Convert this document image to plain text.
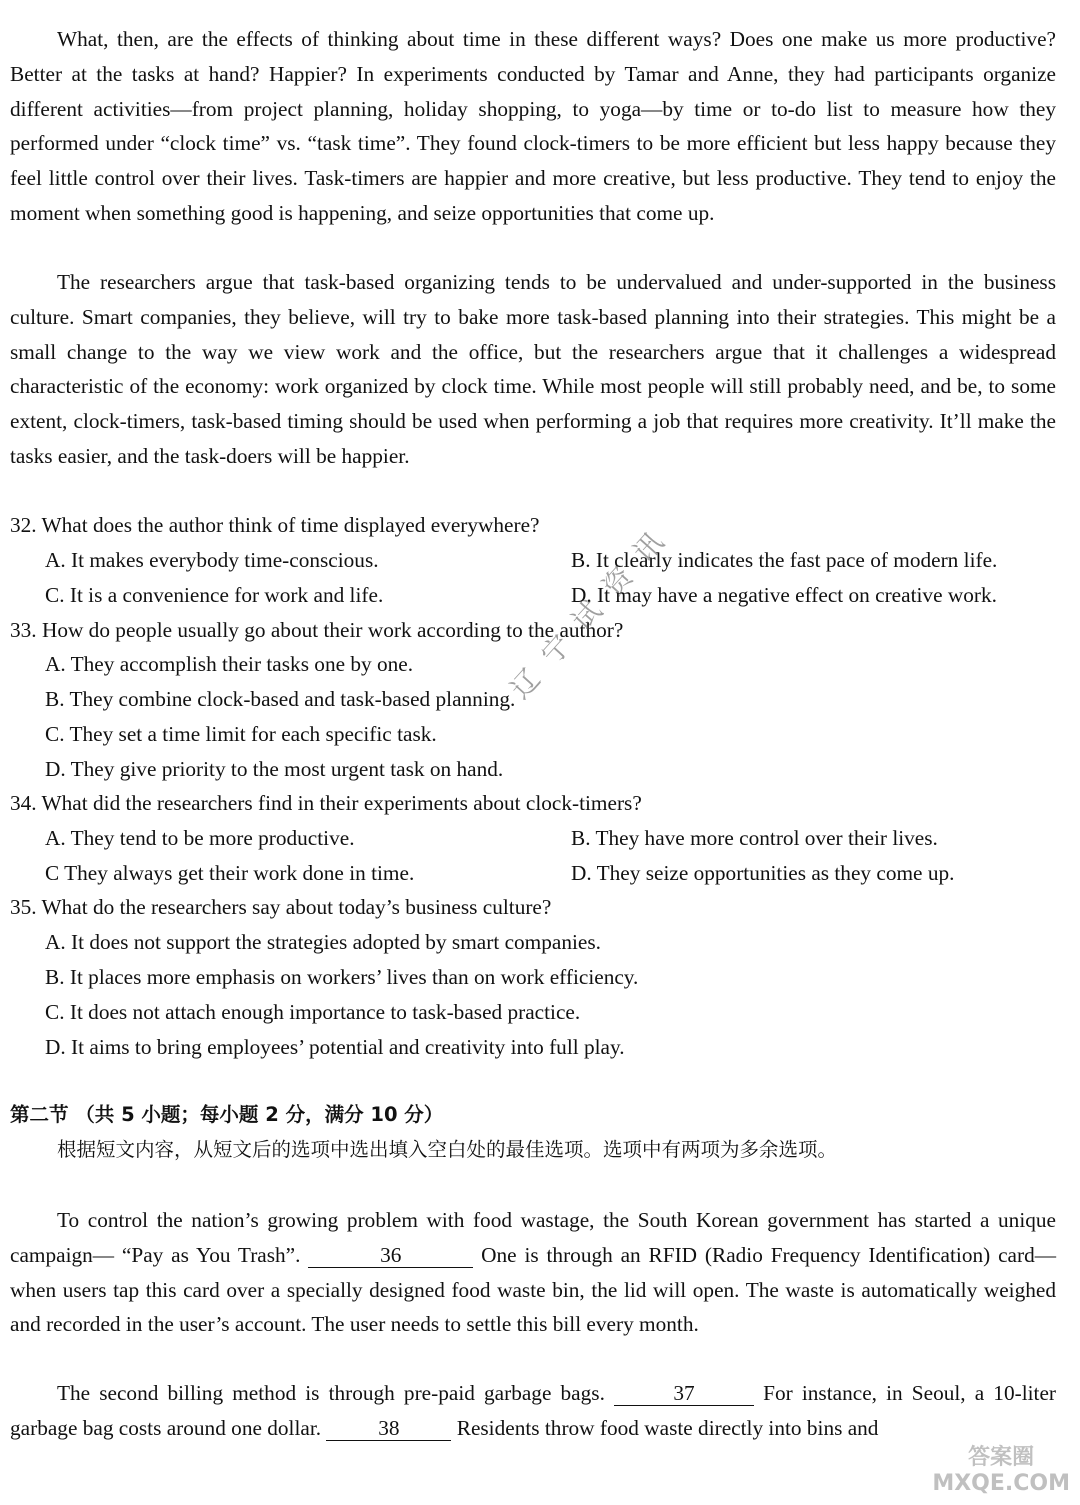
What, then, are the effects of thinking about time in these different ways? Does one make us more productive? Better at the tasks at hand? Happier? In experiments conducted by Tamar and Anne, they had participants organize different activities—from project planning, holiday shopping, to yoga—by time or to-do list to measure how they performed under “clock time” vs. “task time”. They found clock-timers to be more efficient but less happy because they feel little control over their lives. Task-timers are happier and more creative, but less productive. They tend to enjoy the moment when something good is happening, and seize opportunities that come up.

The researchers argue that task-based organizing tends to be undervalued and under-supported in the business culture. Smart companies, they believe, will try to bake more task-based planning into their strategies. This might be a small change to the way we view work and the office, but the researchers argue that it challenges a widespread characteristic of the economy: work organized by clock time. While most people will still probably need, and be, to some extent, clock-timers, task-based timing should be used when performing a job that requires more creativity. It’ll make the tasks easier, and the task-doers will be happier.

32. What does the author think of time displayed everywhere?
A. It makes everybody time-conscious.	B. It clearly indicates the fast pace of modern life.
C. It is a convenience for work and life.	D. It may have a negative effect on creative work.
33. How do people usually go about their work according to the author?
A. They accomplish their tasks one by one.
B. They combine clock-based and task-based planning.
C. They set a time limit for each specific task.
D. They give priority to the most urgent task on hand.
34. What did the researchers find in their experiments about clock-timers?
A. They tend to be more productive.	B. They have more control over their lives.
C They always get their work done in time.	D. They seize opportunities as they come up.
35. What do the researchers say about today’s business culture?
A. It does not support the strategies adopted by smart companies.
B. It places more emphasis on workers’ lives than on work efficiency.
C. It does not attach enough importance to task-based practice.
D. It aims to bring employees’ potential and creativity into full play.
第二节 （共 5 小题；每小题 2 分，满分 10 分）
根据短文内容，从短文后的选项中选出填入空白处的最佳选项。选项中有两项为多余选项。

To control the nation’s growing problem with food wastage, the South Korean government has started a unique campaign— “Pay as You Trash”.	36	One is through an RFID (Radio Frequency Identification) card—when users tap this card over a specially designed food waste bin, the lid will open. The waste is automatically weighed and recorded in the user’s account. The user needs to settle this bill every month.

The second billing method is through pre-paid garbage bags.	37	For instance, in Seoul, a 10-liter garbage bag costs around one dollar.	38	Residents throw food waste directly into bins and

辽宁试资讯
答案圈
MXQE.COM
